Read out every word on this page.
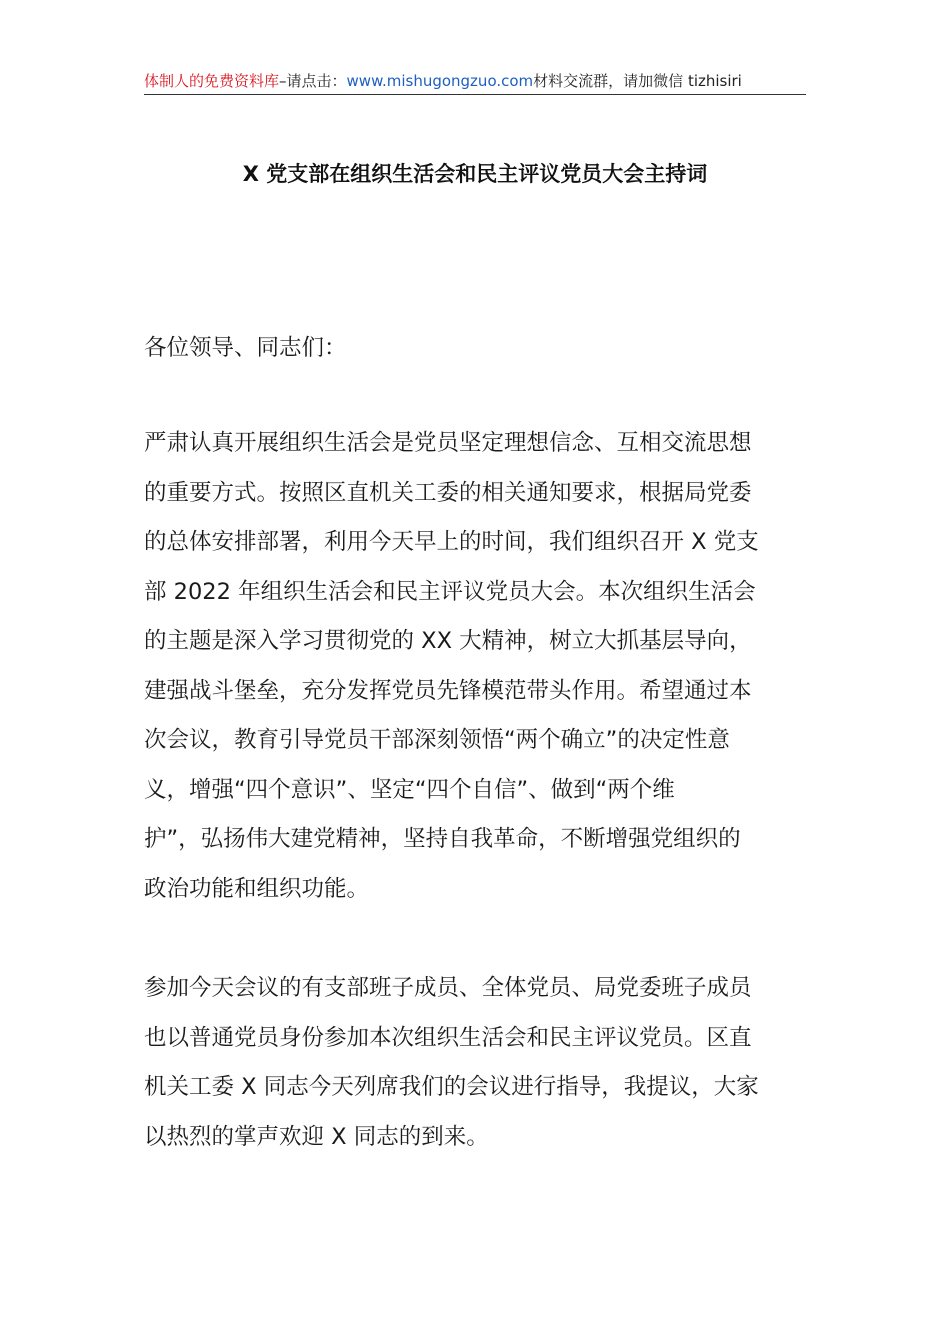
体制人的免费资料库–请点击：www.mishugongzuo.com材料交流群，请加微信 tizhisiri
X 党支部在组织生活会和民主评议党员大会主持词

各位领导、同志们：

严肃认真开展组织生活会是党员坚定理想信念、互相交流思想
的重要方式。按照区直机关工委的相关通知要求，根据局党委
的总体安排部署，利用今天早上的时间，我们组织召开 X 党支
部 2022 年组织生活会和民主评议党员大会。本次组织生活会
的主题是深入学习贯彻党的 XX 大精神，树立大抓基层导向，
建强战斗堡垒，充分发挥党员先锋模范带头作用。希望通过本
次会议，教育引导党员干部深刻领悟“两个确立”的决定性意
义，增强“四个意识”、坚定“四个自信”、做到“两个维
护”，弘扬伟大建党精神，坚持自我革命，不断增强党组织的
政治功能和组织功能。

参加今天会议的有支部班子成员、全体党员、局党委班子成员
也以普通党员身份参加本次组织生活会和民主评议党员。区直
机关工委 X 同志今天列席我们的会议进行指导，我提议，大家
以热烈的掌声欢迎 X 同志的到来。
